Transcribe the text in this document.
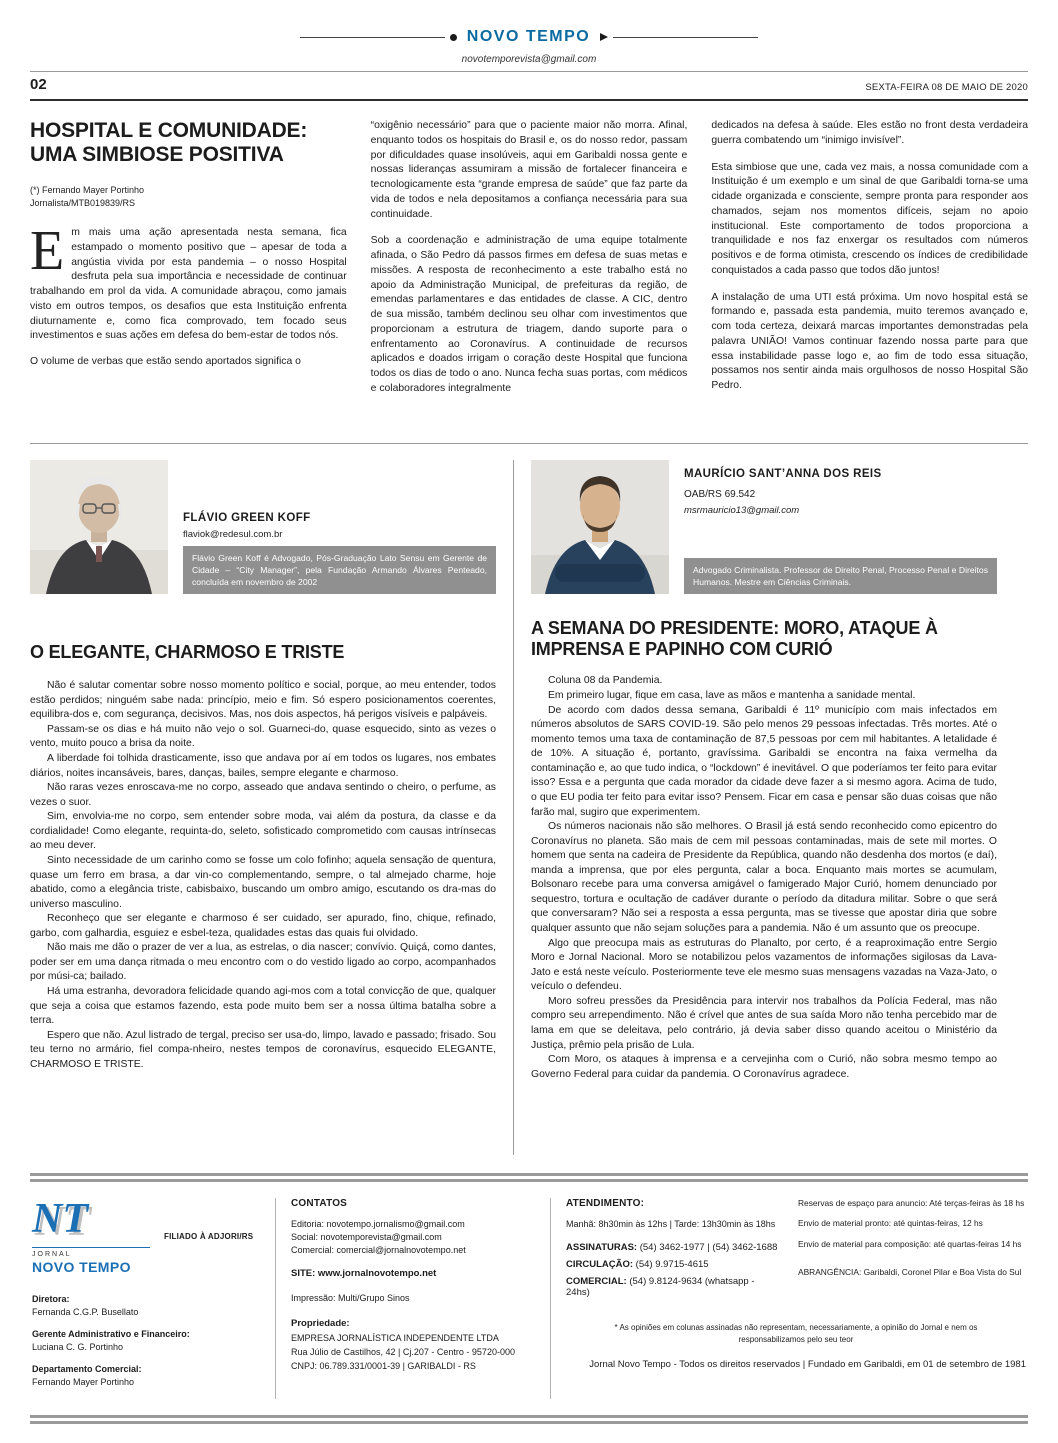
NOVO TEMPO
novotemporevista@gmail.com
02	SEXTA-FEIRA 08 DE MAIO DE 2020
HOSPITAL E COMUNIDADE:
UMA SIMBIOSE POSITIVA
(*) Fernando Mayer Portinho
Jornalista/MTB019839/RS

Em mais uma ação apresentada nesta semana, fica estampado o momento positivo que – apesar de toda a angústia vivida por esta pandemia – o nosso Hospital desfruta pela sua importância e necessidade de continuar trabalhando em prol da vida. A comunidade abraçou, como jamais visto em outros tempos, os desafios que esta Instituição enfrenta diuturnamente e, como fica comprovado, tem focado seus investimentos e suas ações em defesa do bem-estar de todos nós.

O volume de verbas que estão sendo aportados significa o

“oxigênio necessário” para que o paciente maior não morra. Afinal, enquanto todos os hospitais do Brasil e, os do nosso redor, passam por dificuldades quase insolúveis, aqui em Garibaldi nossa gente e nossas lideranças assumiram a missão de fortalecer financeira e tecnologicamente esta “grande empresa de saúde” que faz parte da vida de todos e nela depositamos a confiança necessária para sua continuidade.

Sob a coordenação e administração de uma equipe totalmente afinada, o São Pedro dá passos firmes em defesa de suas metas e missões. A resposta de reconhecimento a este trabalho está no apoio da Administração Municipal, de prefeituras da região, de emendas parlamentares e das entidades de classe. A CIC, dentro de sua missão, também declinou seu olhar com investimentos que proporcionam a estrutura de triagem, dando suporte para o enfrentamento ao Coronavírus. A continuidade de recursos aplicados e doados irrigam o coração deste Hospital que funciona todos os dias de todo o ano. Nunca fecha suas portas, com médicos e colaboradores integralmente

dedicados na defesa à saúde. Eles estão no front desta verdadeira guerra combatendo um “inimigo invisível”.

Esta simbiose que une, cada vez mais, a nossa comunidade com a Instituição é um exemplo e um sinal de que Garibaldi torna-se uma cidade organizada e consciente, sempre pronta para responder aos chamados, sejam nos momentos difíceis, sejam no apoio institucional. Este comportamento de todos proporciona a tranquilidade e nos faz enxergar os resultados com números positivos e de forma otimista, crescendo os índices de credibilidade conquistados a cada passo que todos dão juntos!

A instalação de uma UTI está próxima. Um novo hospital está se formando e, passada esta pandemia, muito teremos avançado e, com toda certeza, deixará marcas importantes demonstradas pela palavra UNIÃO! Vamos continuar fazendo nossa parte para que essa instabilidade passe logo e, ao fim de todo essa situação, possamos nos sentir ainda mais orgulhosos de nosso Hospital São Pedro.

FLÁVIO GREEN KOFF
flaviok@redesul.com.br
Flávio Green Koff é Advogado, Pós-Graduação Lato Sensu em Gerente de Cidade – “City Manager”, pela Fundação Armando Álvares Penteado, concluída em novembro de 2002
O ELEGANTE, CHARMOSO E TRISTE

Não é salutar comentar sobre nosso momento político e social, porque, ao meu entender, todos estão perdidos; ninguém sabe nada: princípio, meio e fim. Só espero posicionamentos coerentes, equilibra-dos e, com segurança, decisivos. Mas, nos dois aspectos, há perigos visíveis e palpáveis.

Passam-se os dias e há muito não vejo o sol. Guarneci-do, quase esquecido, sinto as vezes o vento, muito pouco a brisa da noite.

A liberdade foi tolhida drasticamente, isso que andava por aí em todos os lugares, nos embates diários, noites incansáveis, bares, danças, bailes, sempre elegante e charmoso.

Não raras vezes enroscava-me no corpo, asseado que andava sentindo o cheiro, o perfume, as vezes o suor.

Sim, envolvia-me no corpo, sem entender sobre moda, vai além da postura, da classe e da cordialidade! Como elegante, requinta-do, seleto, sofisticado comprometido com causas intrínsecas ao meu dever.

Sinto necessidade de um carinho como se fosse um colo fofinho; aquela sensação de quentura, quase um ferro em brasa, a dar vin-co complementando, sempre, o tal almejado charme, hoje abatido, como a elegância triste, cabisbaixo, buscando um ombro amigo, escutando os dra-mas do universo masculino.

Reconheço que ser elegante e charmoso é ser cuidado, ser apurado, fino, chique, refinado, garbo, com galhardia, esguiez e esbel-teza, qualidades estas das quais fui olvidado.

Não mais me dão o prazer de ver a lua, as estrelas, o dia nascer; convívio. Quiçá, como dantes, poder ser em uma dança ritmada o meu encontro com o do vestido ligado ao corpo, acompanhados por músi-ca; bailado.

Há uma estranha, devoradora felicidade quando agi-mos com a total convicção de que, qualquer que seja a coisa que estamos fazendo, esta pode muito bem ser a nossa última batalha sobre a terra.

Espero que não. Azul listrado de tergal, preciso ser usa-do, limpo, lavado e passado; frisado. Sou teu terno no armário, fiel compa-nheiro, nestes tempos de coronavírus, esquecido ELEGANTE, CHARMOSO E TRISTE.

MAURÍCIO SANT’ANNA DOS REIS
OAB/RS 69.542
msrmauricio13@gmail.com
Advogado Criminalista. Professor de Direito Penal, Processo Penal e Direitos Humanos. Mestre em Ciências Criminais.
A SEMANA DO PRESIDENTE: MORO, ATAQUE À IMPRENSA E PAPINHO COM CURIÓ

Coluna 08 da Pandemia.

Em primeiro lugar, fique em casa, lave as mãos e mantenha a sanidade mental.

De acordo com dados dessa semana, Garibaldi é 11º município com mais infectados em números absolutos de SARS COVID-19. São pelo menos 29 pessoas infectadas. Três mortes. Até o momento temos uma taxa de contaminação de 87,5 pessoas por cem mil habitantes. A letalidade é de 10%. A situação é, portanto, gravíssima. Garibaldi se encontra na faixa vermelha da contaminação e, ao que tudo indica, o “lockdown” é inevitável. O que poderíamos ter feito para evitar isso? Essa e a pergunta que cada morador da cidade deve fazer a si mesmo agora. Acima de tudo, o que EU podia ter feito para evitar isso? Pensem. Ficar em casa e pensar são duas coisas que não farão mal, sugiro que experimentem.

Os números nacionais não são melhores. O Brasil já está sendo reconhecido como epicentro do Coronavírus no planeta. São mais de cem mil pessoas contaminadas, mais de sete mil mortes. O homem que senta na cadeira de Presidente da República, quando não desdenha dos mortos (e daí), manda a imprensa, que por eles pergunta, calar a boca. Enquanto mais mortes se acumulam, Bolsonaro recebe para uma conversa amigável o famigerado Major Curió, homem denunciado por sequestro, tortura e ocultação de cadáver durante o período da ditadura militar. Sobre o que será que conversaram? Não sei a resposta a essa pergunta, mas se tivesse que apostar diria que sobre qualquer assunto que não sejam soluções para a pandemia. Não é um assunto que os preocupe.

Algo que preocupa mais as estruturas do Planalto, por certo, é a reaproximação entre Sergio Moro e Jornal Nacional. Moro se notabilizou pelos vazamentos de informações sigilosas da Lava-Jato e está neste veículo. Posteriormente teve ele mesmo suas mensagens vazadas na Vaza-Jato, o veículo o defendeu.

Moro sofreu pressões da Presidência para intervir nos trabalhos da Polícia Federal, mas não compro seu arrependimento. Não é crível que antes de sua saída Moro não tenha percebido mar de lama em que se deleitava, pelo contrário, já devia saber disso quando aceitou o Ministério da Justiça, prêmio pela prisão de Lula.

Com Moro, os ataques à imprensa e a cervejinha com o Curió, não sobra mesmo tempo ao Governo Federal para cuidar da pandemia. O Coronavírus agradece.

NT
JORNAL
NOVO TEMPO
FILIADO À ADJORI/RS
Diretora:
Fernanda C.G.P. Busellato
Gerente Administrativo e Financeiro:
Luciana C. G. Portinho
Departamento Comercial:
Fernando Mayer Portinho
CONTATOS

Editoria: novotempo.jornalismo@gmail.com

Social: novotemporevista@gmail.com

Comercial: comercial@jornalnovotempo.net

SITE: www.jornalnovotempo.net
Impressão: Multi/Grupo Sinos
Propriedade:

EMPRESA JORNALÍSTICA INDEPENDENTE LTDA

Rua Júlio de Castilhos, 42 | Cj.207 - Centro - 95720-000

CNPJ: 06.789.331/0001-39 | GARIBALDI - RS

ATENDIMENTO:
Manhã: 8h30min às 12hs | Tarde: 13h30min às 18hs
ASSINATURAS: (54) 3462-1977 | (54) 3462-1688
CIRCULAÇÃO: (54) 9.9715-4615
COMERCIAL: (54) 9.8124-9634 (whatsapp - 24hs)

Reservas de espaço para anuncio: Até terças-feiras às 18 hs

Envio de material pronto: até quintas-feiras, 12 hs

Envio de material para composição: até quartas-feiras 14 hs

ABRANGÊNCIA: Garibaldi, Coronel Pilar e Boa Vista do Sul
* As opiniões em colunas assinadas não representam, necessariamente, a opinião do Jornal e nem os responsabilizamos pelo seu teor
Jornal Novo Tempo - Todos os direitos reservados | Fundado em Garibaldi, em 01 de setembro de 1981
